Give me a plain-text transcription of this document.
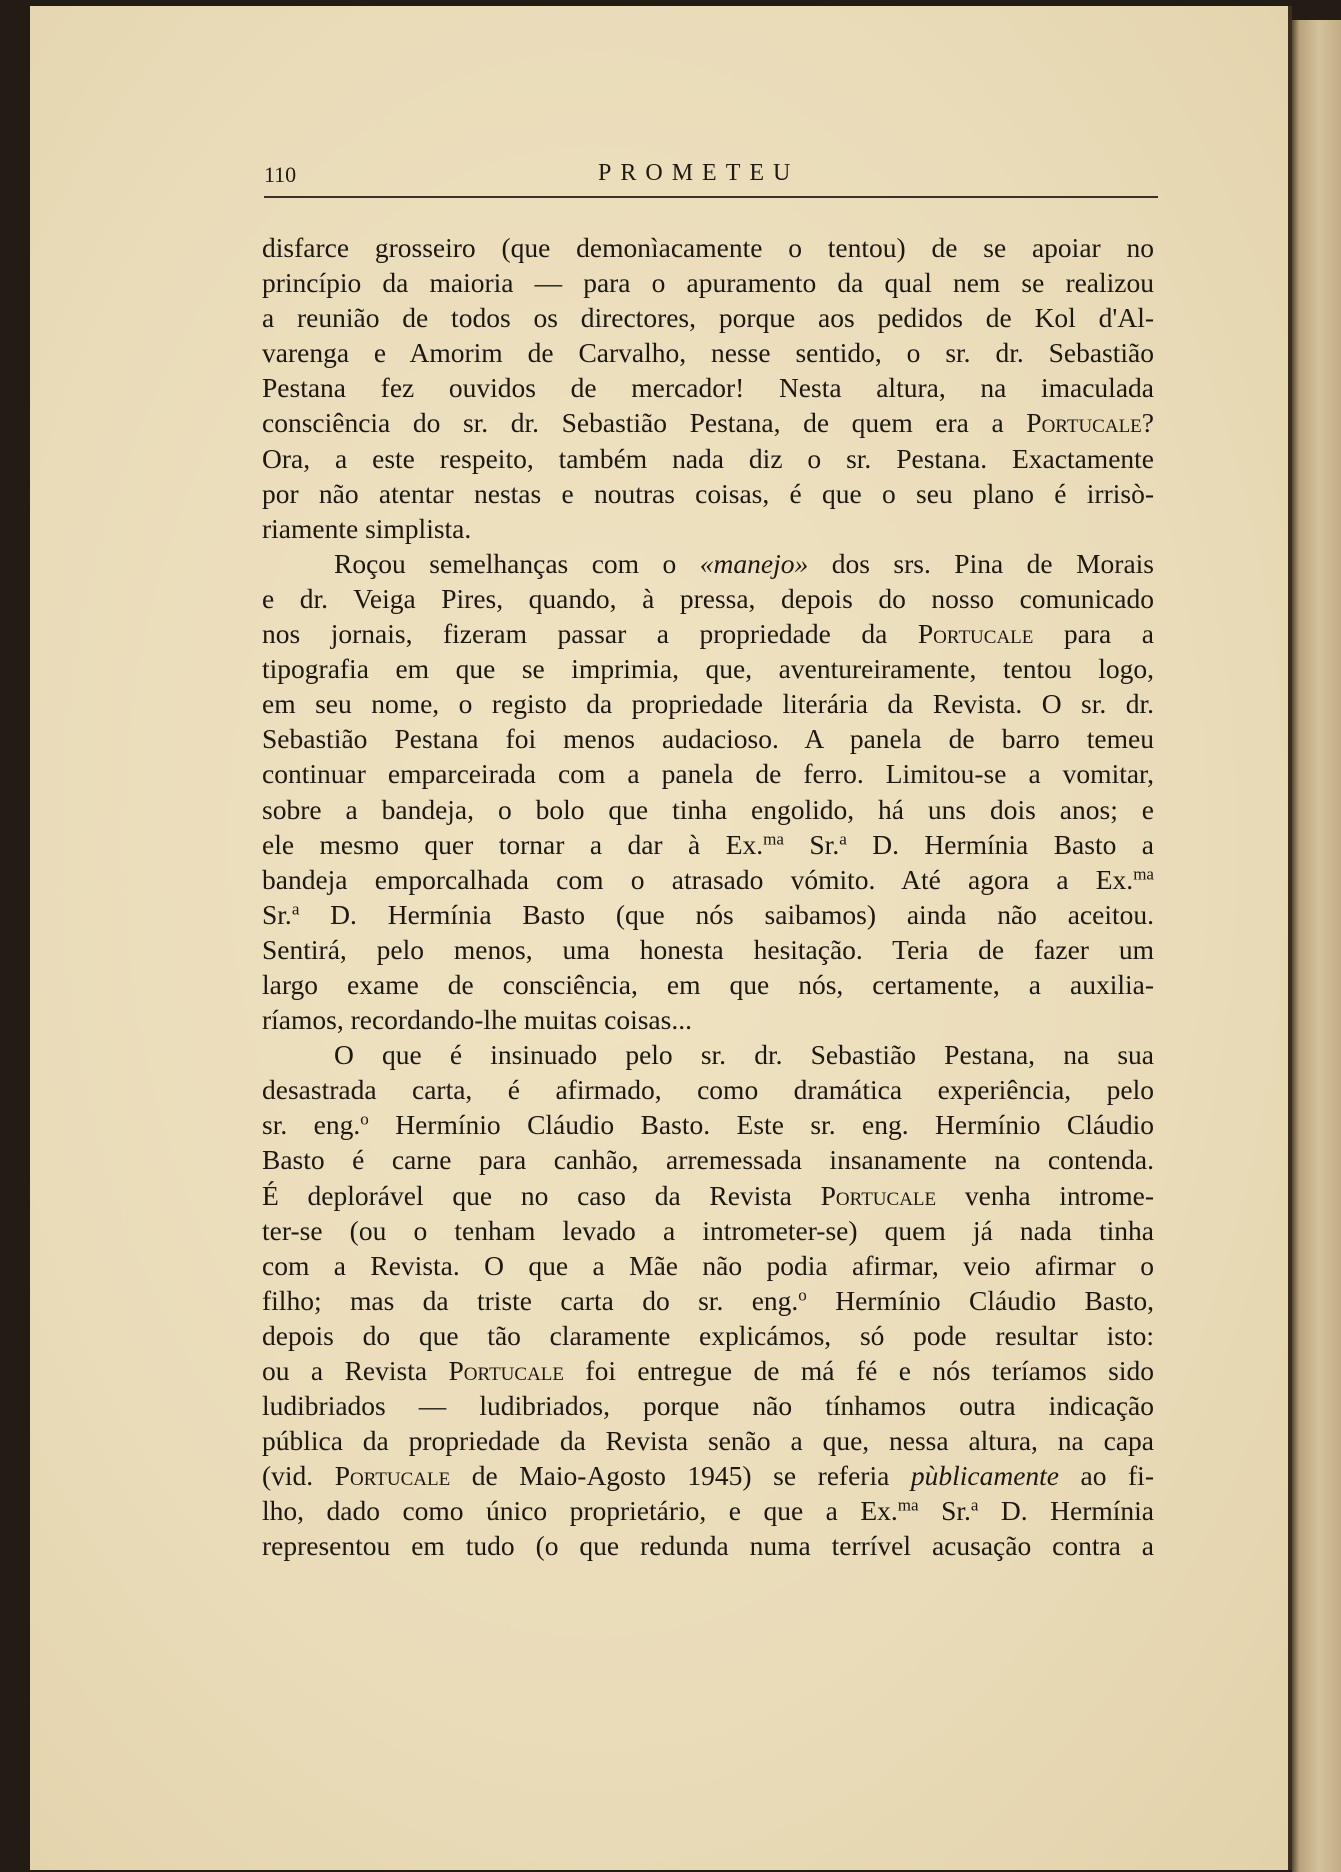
110	PROMETEU
disfarce grosseiro (que demonìacamente o tentou) de se apoiar no
princípio da maioria — para o apuramento da qual nem se realizou
a reunião de todos os directores, porque aos pedidos de Kol d'Al-
varenga e Amorim de Carvalho, nesse sentido, o sr. dr. Sebastião
Pestana fez ouvidos de mercador! Nesta altura, na imaculada
consciência do sr. dr. Sebastião Pestana, de quem era a Portucale?
Ora, a este respeito, também nada diz o sr. Pestana. Exactamente
por não atentar nestas e noutras coisas, é que o seu plano é irrisò-
riamente simplista.
Roçou semelhanças com o «manejo» dos srs. Pina de Morais
e dr. Veiga Pires, quando, à pressa, depois do nosso comunicado
nos jornais, fizeram passar a propriedade da Portucale para a
tipografia em que se imprimia, que, aventureiramente, tentou logo,
em seu nome, o registo da propriedade literária da Revista. O sr. dr.
Sebastião Pestana foi menos audacioso. A panela de barro temeu
continuar emparceirada com a panela de ferro. Limitou-se a vomitar,
sobre a bandeja, o bolo que tinha engolido, há uns dois anos; e
ele mesmo quer tornar a dar à Ex.$^{ma}$ Sr.$^a$ D. Hermínia Basto a
bandeja emporcalhada com o atrasado vómito. Até agora a Ex.$^{ma}$
Sr.$^a$ D. Hermínia Basto (que nós saibamos) ainda não aceitou.
Sentirá, pelo menos, uma honesta hesitação. Teria de fazer um
largo exame de consciência, em que nós, certamente, a auxilia-
ríamos, recordando-lhe muitas coisas...
O que é insinuado pelo sr. dr. Sebastião Pestana, na sua
desastrada carta, é afirmado, como dramática experiência, pelo
sr. eng.$^o$ Hermínio Cláudio Basto. Este sr. eng. Hermínio Cláudio
Basto é carne para canhão, arremessada insanamente na contenda.
É deplorável que no caso da Revista Portucale venha introme-
ter-se (ou o tenham levado a intrometer-se) quem já nada tinha
com a Revista. O que a Mãe não podia afirmar, veio afirmar o
filho; mas da triste carta do sr. eng.$^o$ Hermínio Cláudio Basto,
depois do que tão claramente explicámos, só pode resultar isto:
ou a Revista Portucale foi entregue de má fé e nós teríamos sido
ludibriados — ludibriados, porque não tínhamos outra indicação
pública da propriedade da Revista senão a que, nessa altura, na capa
(vid. Portucale de Maio-Agosto 1945) se referia pùblicamente ao fi-
lho, dado como único proprietário, e que a Ex.$^{ma}$ Sr.$^a$ D. Hermínia
representou em tudo (o que redunda numa terrível acusação contra a
